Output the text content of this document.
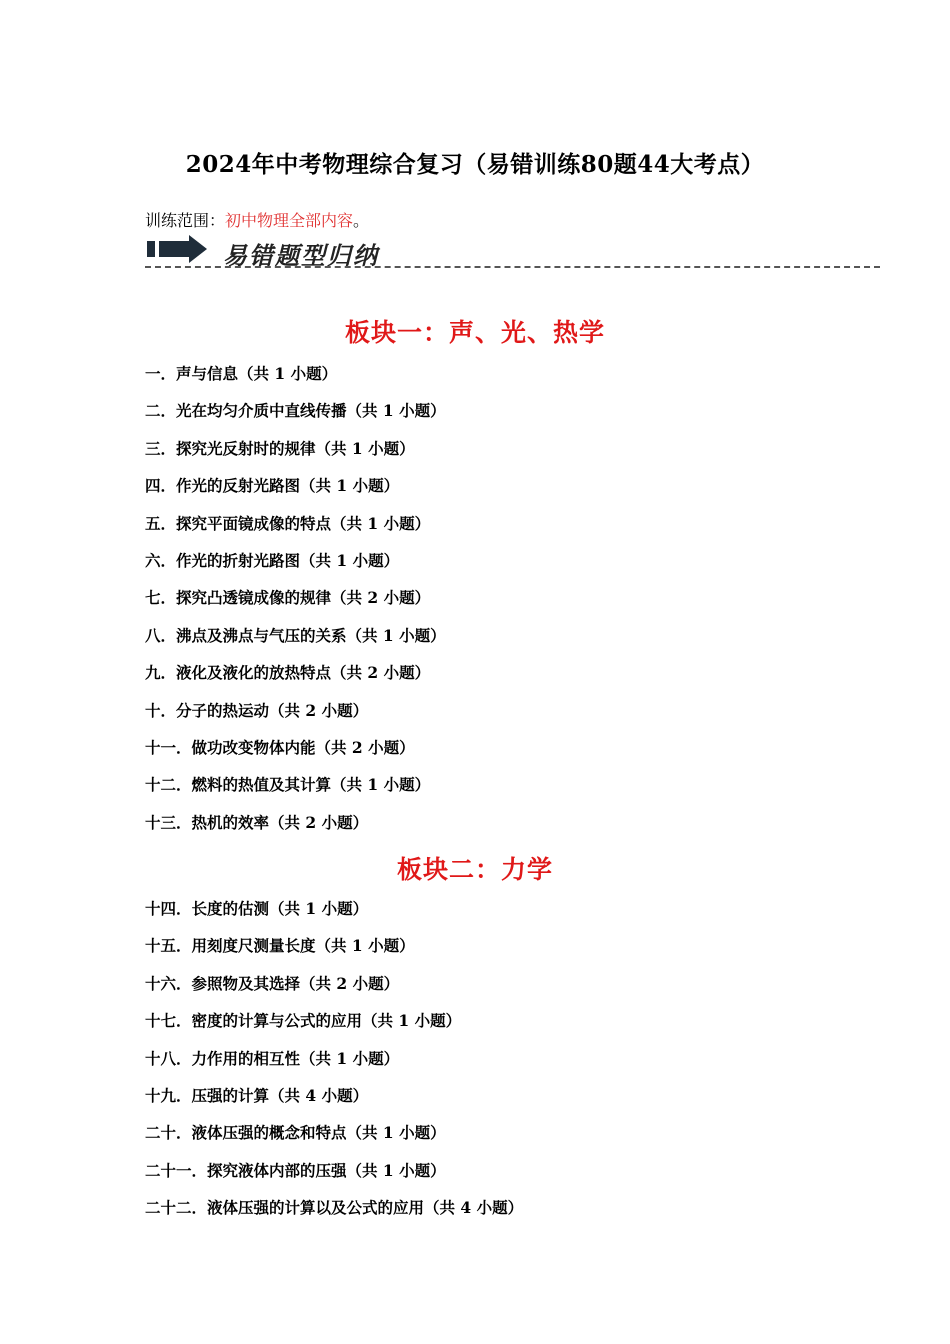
2024年中考物理综合复习（易错训练80题44大考点）
训练范围：初中物理全部内容。
易错题型归纳
板块一：声、光、热学
一．声与信息（共 1 小题）
二．光在均匀介质中直线传播（共 1 小题）
三．探究光反射时的规律（共 1 小题）
四．作光的反射光路图（共 1 小题）
五．探究平面镜成像的特点（共 1 小题）
六．作光的折射光路图（共 1 小题）
七．探究凸透镜成像的规律（共 2 小题）
八．沸点及沸点与气压的关系（共 1 小题）
九．液化及液化的放热特点（共 2 小题）
十．分子的热运动（共 2 小题）
十一．做功改变物体内能（共 2 小题）
十二．燃料的热值及其计算（共 1 小题）
十三．热机的效率（共 2 小题）
板块二：力学
十四．长度的估测（共 1 小题）
十五．用刻度尺测量长度（共 1 小题）
十六．参照物及其选择（共 2 小题）
十七．密度的计算与公式的应用（共 1 小题）
十八．力作用的相互性（共 1 小题）
十九．压强的计算（共 4 小题）
二十．液体压强的概念和特点（共 1 小题）
二十一．探究液体内部的压强（共 1 小题）
二十二．液体压强的计算以及公式的应用（共 4 小题）
